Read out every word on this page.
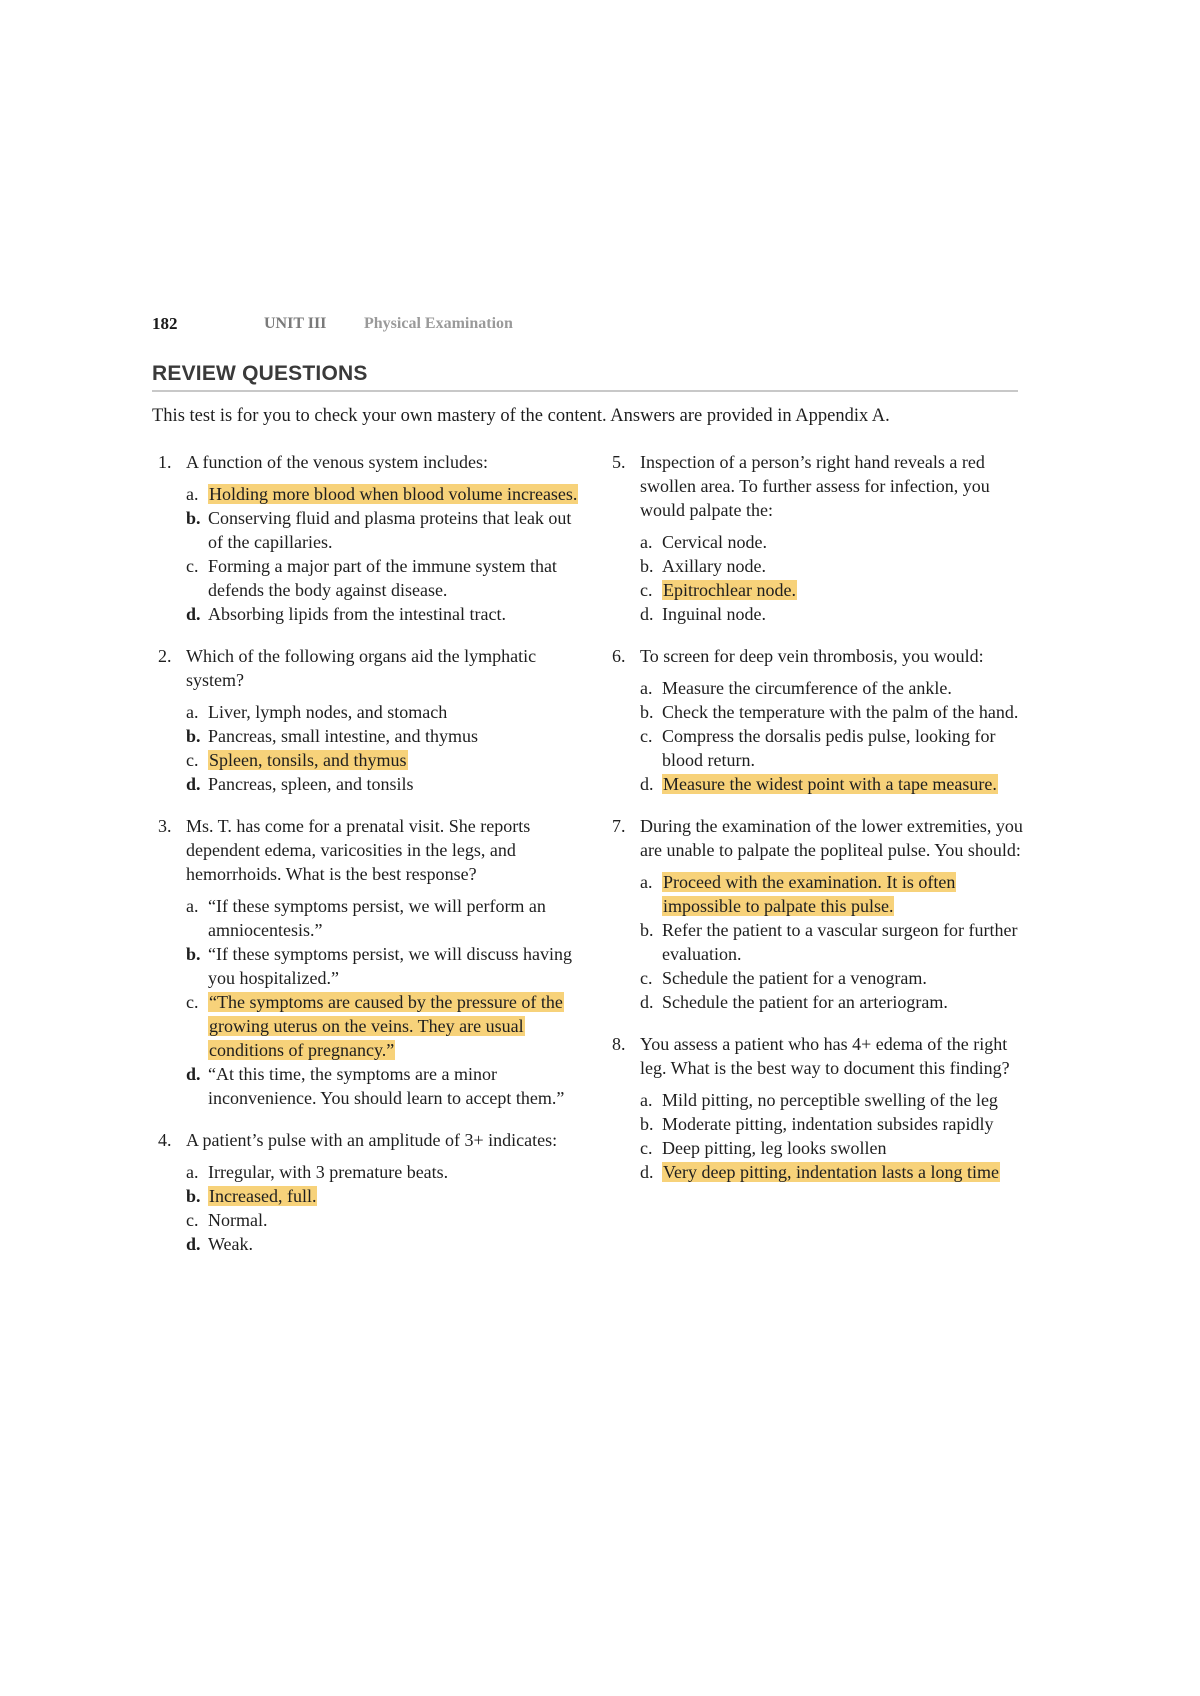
182	UNIT III Physical Examination
REVIEW QUESTIONS
This test is for you to check your own mastery of the content. Answers are provided in Appendix A.
1. A function of the venous system includes:
a. Holding more blood when blood volume increases.
b. Conserving fluid and plasma proteins that leak out of the capillaries.
c. Forming a major part of the immune system that defends the body against disease.
d. Absorbing lipids from the intestinal tract.
2. Which of the following organs aid the lymphatic system?
a. Liver, lymph nodes, and stomach
b. Pancreas, small intestine, and thymus
c. Spleen, tonsils, and thymus
d. Pancreas, spleen, and tonsils
3. Ms. T. has come for a prenatal visit. She reports dependent edema, varicosities in the legs, and hemorrhoids. What is the best response?
a. “If these symptoms persist, we will perform an amniocentesis.”
b. “If these symptoms persist, we will discuss having you hospitalized.”
c. “The symptoms are caused by the pressure of the growing uterus on the veins. They are usual conditions of pregnancy.”
d. “At this time, the symptoms are a minor inconvenience. You should learn to accept them.”
4. A patient’s pulse with an amplitude of 3+ indicates:
a. Irregular, with 3 premature beats.
b. Increased, full.
c. Normal.
d. Weak.
5. Inspection of a person’s right hand reveals a red swollen area. To further assess for infection, you would palpate the:
a. Cervical node.
b. Axillary node.
c. Epitrochlear node.
d. Inguinal node.
6. To screen for deep vein thrombosis, you would:
a. Measure the circumference of the ankle.
b. Check the temperature with the palm of the hand.
c. Compress the dorsalis pedis pulse, looking for blood return.
d. Measure the widest point with a tape measure.
7. During the examination of the lower extremities, you are unable to palpate the popliteal pulse. You should:
a. Proceed with the examination. It is often impossible to palpate this pulse.
b. Refer the patient to a vascular surgeon for further evaluation.
c. Schedule the patient for a venogram.
d. Schedule the patient for an arteriogram.
8. You assess a patient who has 4+ edema of the right leg. What is the best way to document this finding?
a. Mild pitting, no perceptible swelling of the leg
b. Moderate pitting, indentation subsides rapidly
c. Deep pitting, leg looks swollen
d. Very deep pitting, indentation lasts a long time
